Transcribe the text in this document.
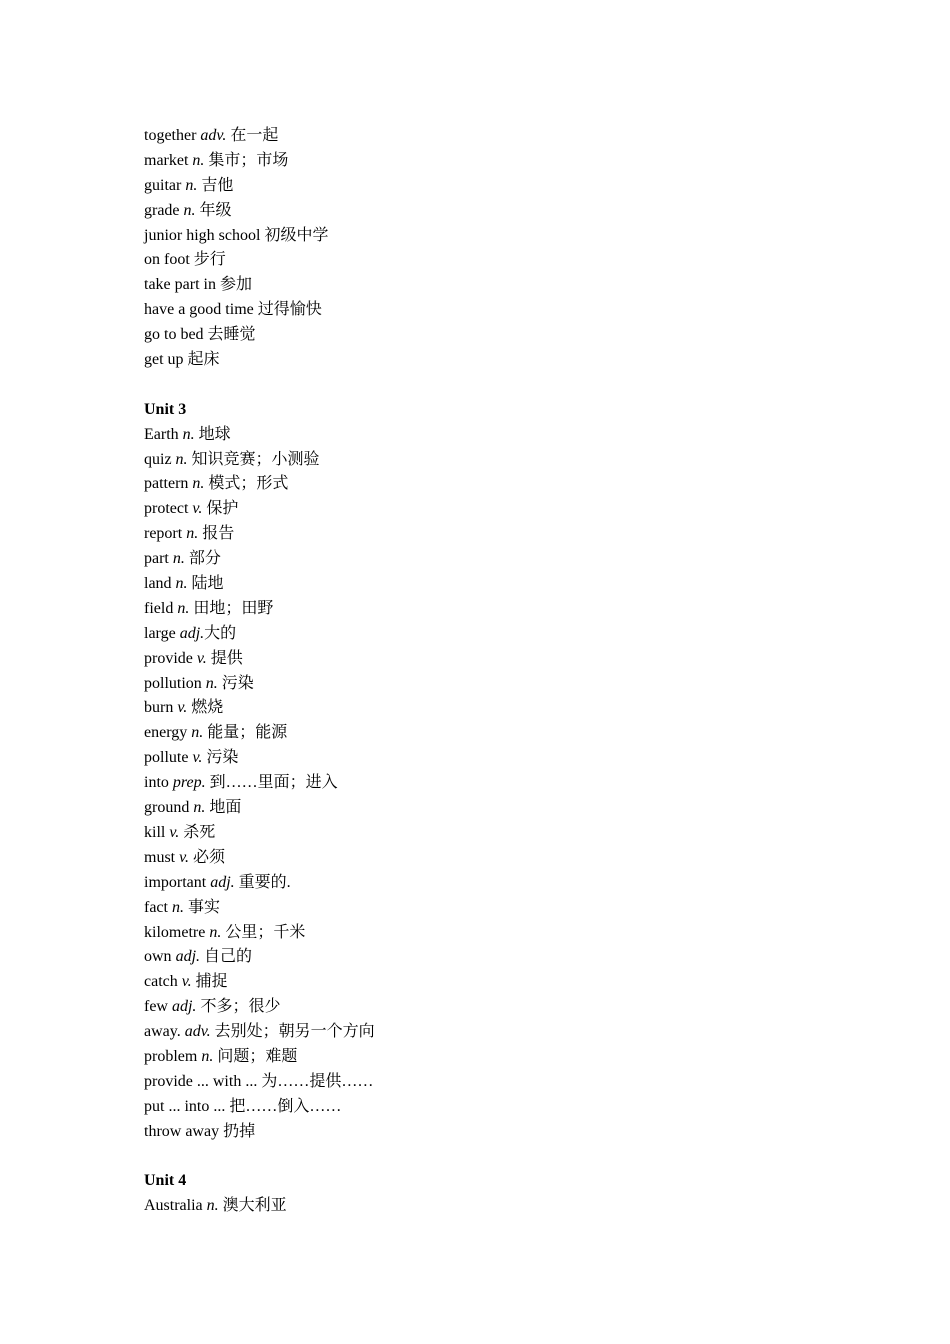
together adv. 在一起
market n. 集市；市场
guitar n. 吉他
grade n. 年级
junior high school 初级中学
on foot 步行
take part in 参加
have a good time 过得愉快
go to bed 去睡觉
get up 起床
Unit 3
Earth n. 地球
quiz n. 知识竞赛；小测验
pattern n. 模式；形式
protect v. 保护
report n. 报告
part n. 部分
land n. 陆地
field n. 田地；田野
large adj.大的
provide v. 提供
pollution n. 污染
burn v. 燃烧
energy n. 能量；能源
pollute v. 污染
into prep. 到……里面；进入
ground n. 地面
kill v. 杀死
must v. 必须
important adj. 重要的.
fact n. 事实
kilometre n. 公里；千米
own adj. 自己的
catch v. 捕捉
few adj. 不多；很少
away. adv. 去别处；朝另一个方向
problem n. 问题；难题
provide ... with ... 为……提供……
put ... into ... 把……倒入……
throw away 扔掉
Unit 4
Australia n. 澳大利亚
